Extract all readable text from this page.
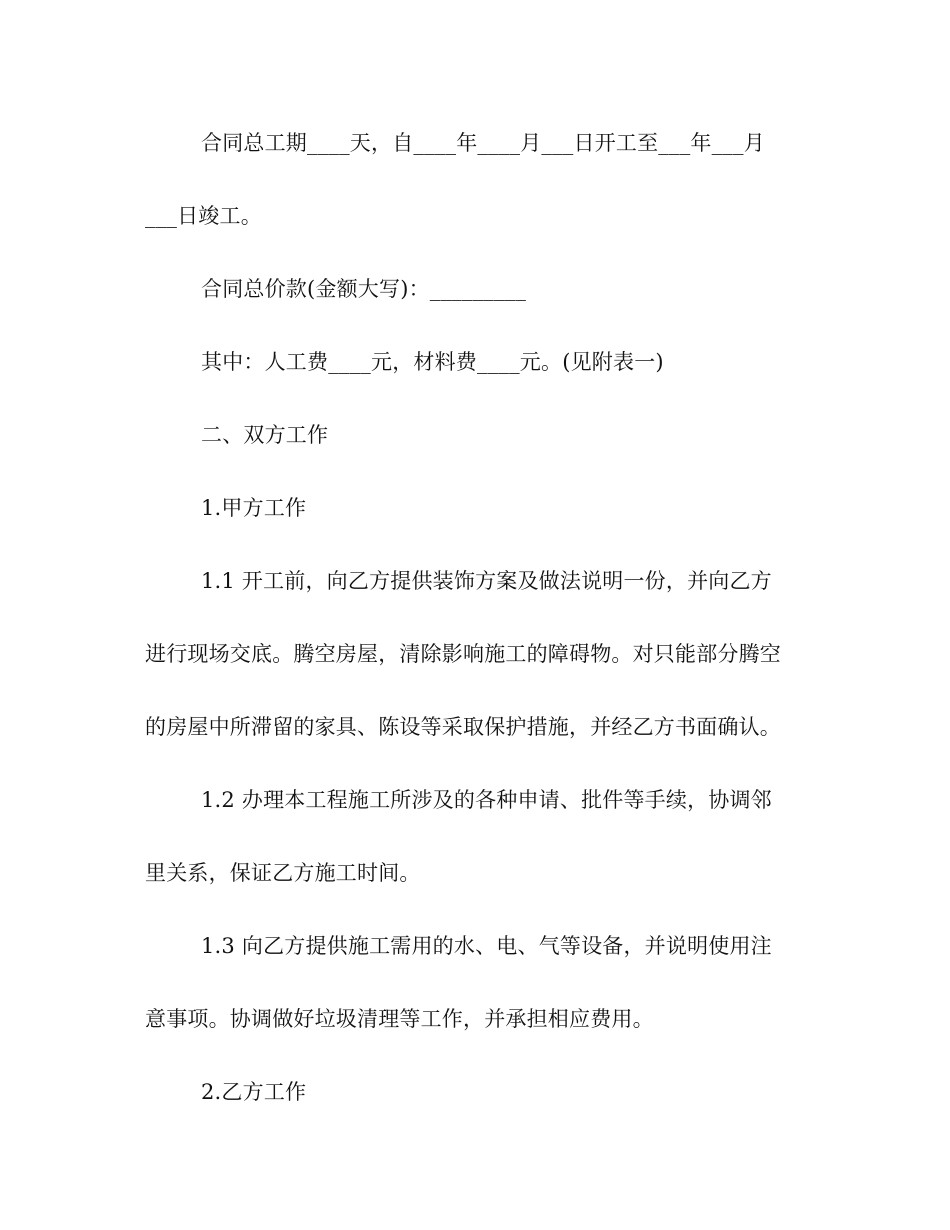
合同总工期____天，自____年____月___日开工至___年___月
___日竣工。
合同总价款(金额大写)：_________
其中：人工费____元，材料费____元。(见附表一)
二、双方工作
1.甲方工作
1.1 开工前，向乙方提供装饰方案及做法说明一份，并向乙方
进行现场交底。腾空房屋，清除影响施工的障碍物。对只能部分腾空
的房屋中所滞留的家具、陈设等采取保护措施，并经乙方书面确认。
1.2 办理本工程施工所涉及的各种申请、批件等手续，协调邻
里关系，保证乙方施工时间。
1.3 向乙方提供施工需用的水、电、气等设备，并说明使用注
意事项。协调做好垃圾清理等工作，并承担相应费用。
2.乙方工作
